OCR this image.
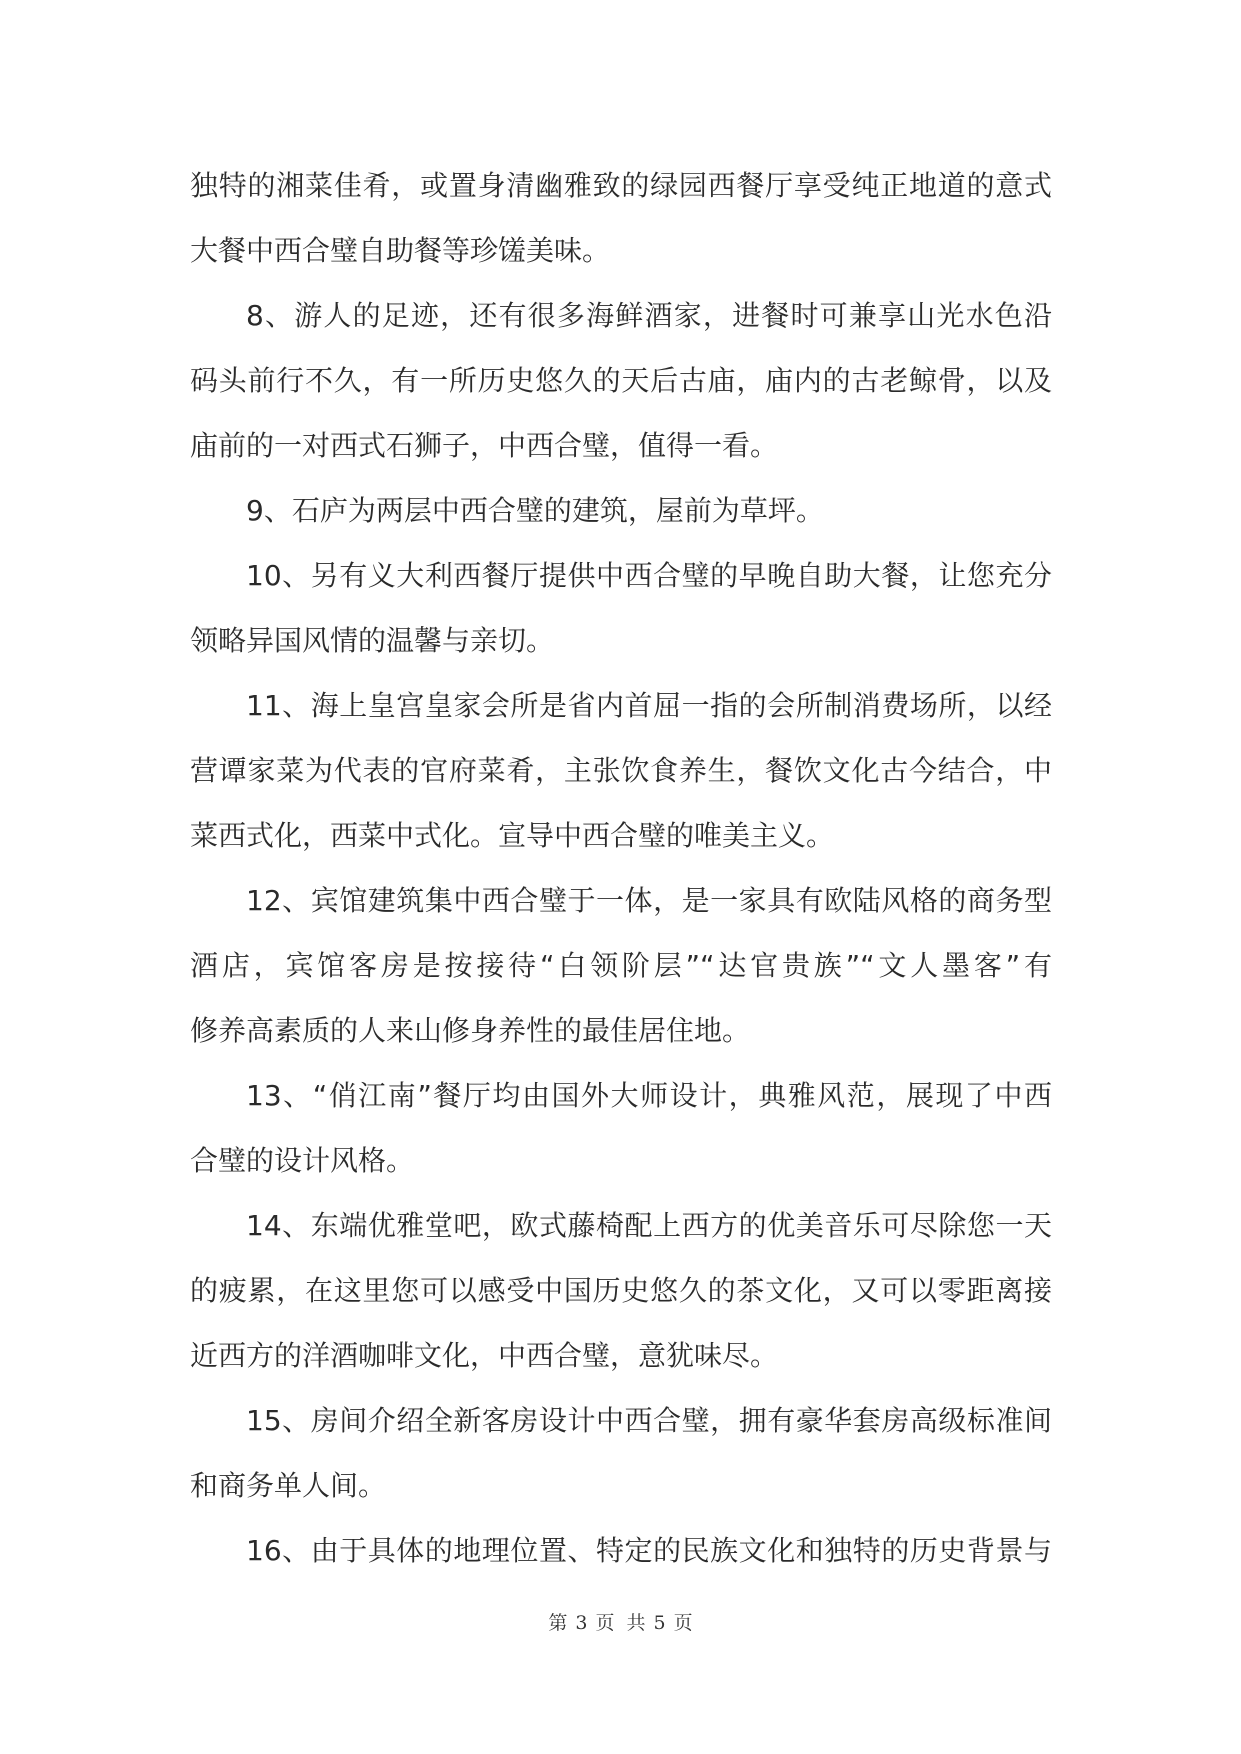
独特的湘菜佳肴，或置身清幽雅致的绿园西餐厅享受纯正地道的意式
大餐中西合璧自助餐等珍馐美味。
8、游人的足迹，还有很多海鲜酒家，进餐时可兼享山光水色沿
码头前行不久，有一所历史悠久的天后古庙，庙内的古老鲸骨，以及
庙前的一对西式石狮子，中西合璧，值得一看。
9、石庐为两层中西合璧的建筑，屋前为草坪。
10、另有义大利西餐厅提供中西合璧的早晚自助大餐，让您充分
领略异国风情的温馨与亲切。
11、海上皇宫皇家会所是省内首屈一指的会所制消费场所，以经
营谭家菜为代表的官府菜肴，主张饮食养生，餐饮文化古今结合，中
菜西式化，西菜中式化。宣导中西合璧的唯美主义。
12、宾馆建筑集中西合璧于一体，是一家具有欧陆风格的商务型
酒店，宾馆客房是按接待“白领阶层”“达官贵族”“文人墨客”有
修养高素质的人来山修身养性的最佳居住地。
13、“俏江南”餐厅均由国外大师设计，典雅风范，展现了中西
合璧的设计风格。
14、东端优雅堂吧，欧式藤椅配上西方的优美音乐可尽除您一天
的疲累，在这里您可以感受中国历史悠久的茶文化，又可以零距离接
近西方的洋酒咖啡文化，中西合璧，意犹味尽。
15、房间介绍全新客房设计中西合璧，拥有豪华套房高级标准间
和商务单人间。
16、由于具体的地理位置、特定的民族文化和独特的历史背景与
第 3 页 共 5 页
